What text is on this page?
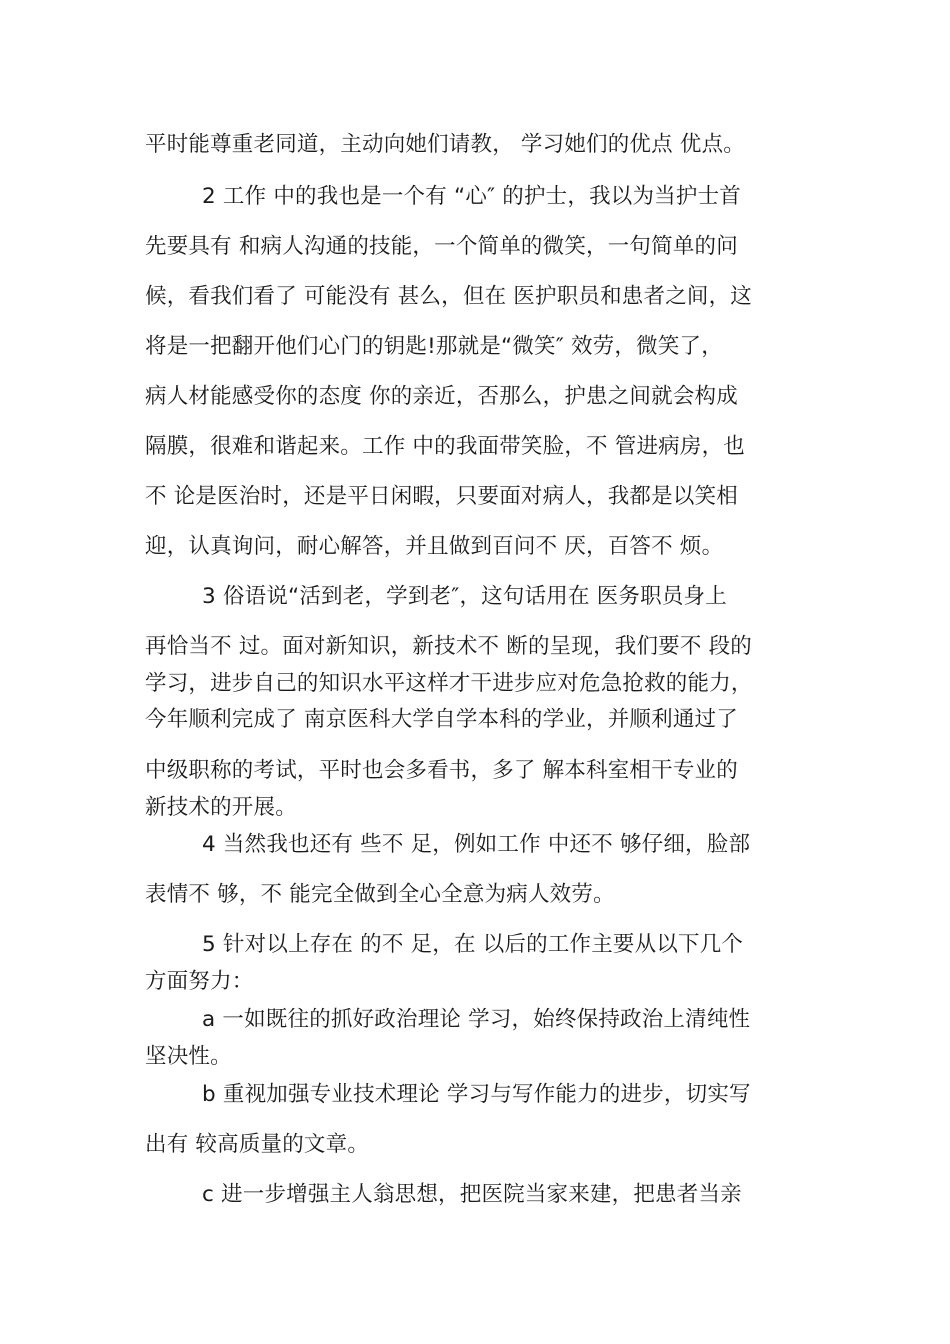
平时能尊重老同道，主动向她们请教， 学习她们的优点 优点。
2 工作 中的我也是一个有 “心″ 的护士，我以为当护士首
先要具有 和病人沟通的技能，一个简单的微笑，一句简单的问
候，看我们看了 可能没有 甚么，但在 医护职员和患者之间，这
将是一把翻开他们心门的钥匙!那就是“微笑″ 效劳，微笑了，
病人材能感受你的态度 你的亲近，否那么，护患之间就会构成
隔膜，很难和谐起来。工作 中的我面带笑脸，不 管进病房，也
不 论是医治时，还是平日闲暇，只要面对病人，我都是以笑相
迎，认真询问，耐心解答，并且做到百问不 厌，百答不 烦。
3 俗语说“活到老，学到老″，这句话用在 医务职员身上
再恰当不 过。面对新知识，新技术不 断的呈现，我们要不 段的
学习，进步自己的知识水平这样才干进步应对危急抢救的能力，
今年顺利完成了 南京医科大学自学本科的学业，并顺利通过了
中级职称的考试，平时也会多看书，多了 解本科室相干专业的
新技术的开展。
4 当然我也还有 些不 足，例如工作 中还不 够仔细，脸部
表情不 够，不 能完全做到全心全意为病人效劳。
5 针对以上存在 的不 足，在 以后的工作主要从以下几个
方面努力：
a 一如既往的抓好政治理论 学习，始终保持政治上清纯性
坚决性。
b 重视加强专业技术理论 学习与写作能力的进步，切实写
出有 较高质量的文章。
c 进一步增强主人翁思想，把医院当家来建，把患者当亲
